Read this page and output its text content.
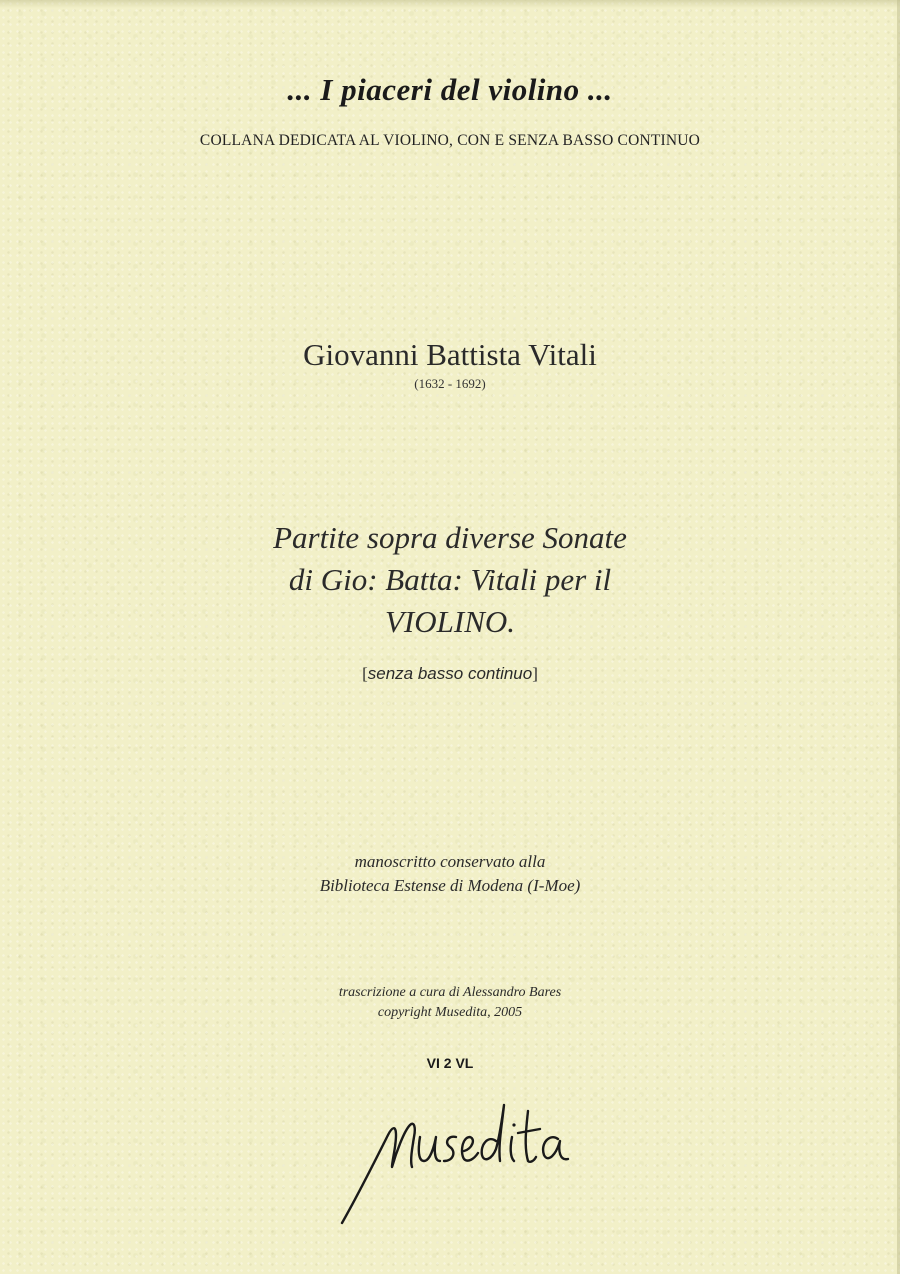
... I piaceri del violino ...
COLLANA DEDICATA AL VIOLINO, CON E SENZA BASSO CONTINUO
Giovanni Battista Vitali
(1632 - 1692)
Partite sopra diverse Sonate
di Gio: Batta: Vitali per il
VIOLINO.
[senza basso continuo]
manoscritto conservato alla
Biblioteca Estense di Modena (I-Moe)
trascrizione a cura di Alessandro Bares
copyright Musedita, 2005
VI 2 VL
